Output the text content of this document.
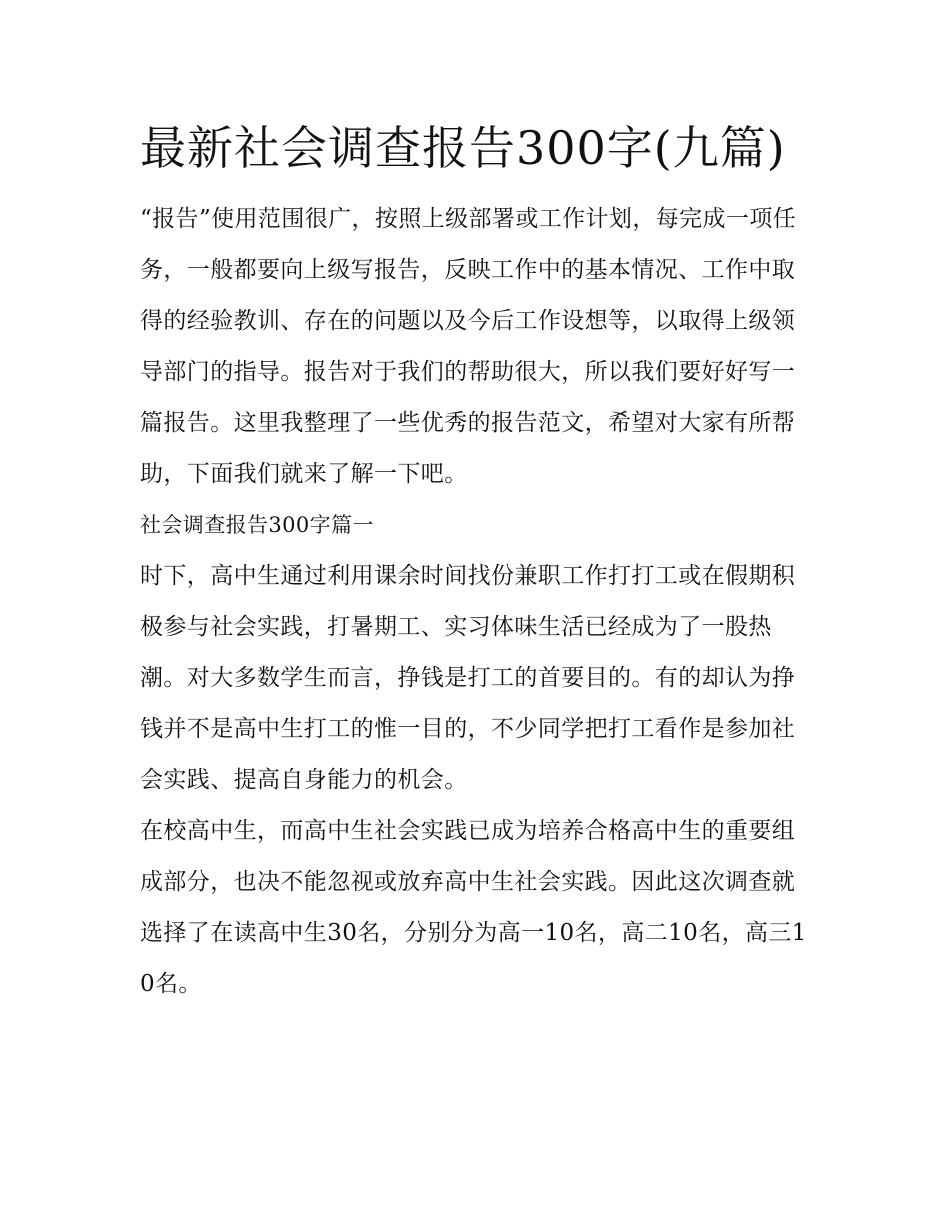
最新社会调查报告300字(九篇)

“报告”使用范围很广，按照上级部署或工作计划，每完成一项任务，一般都要向上级写报告，反映工作中的基本情况、工作中取得的经验教训、存在的问题以及今后工作设想等，以取得上级领导部门的指导。报告对于我们的帮助很大，所以我们要好好写一篇报告。这里我整理了一些优秀的报告范文，希望对大家有所帮助，下面我们就来了解一下吧。

社会调查报告300字篇一

时下，高中生通过利用课余时间找份兼职工作打打工或在假期积极参与社会实践，打暑期工、实习体味生活已经成为了一股热潮。对大多数学生而言，挣钱是打工的首要目的。有的却认为挣钱并不是高中生打工的惟一目的，不少同学把打工看作是参加社会实践、提高自身能力的机会。

在校高中生，而高中生社会实践已成为培养合格高中生的重要组成部分，也决不能忽视或放弃高中生社会实践。因此这次调查就选择了在读高中生30名，分别分为高一10名，高二10名，高三10名。
